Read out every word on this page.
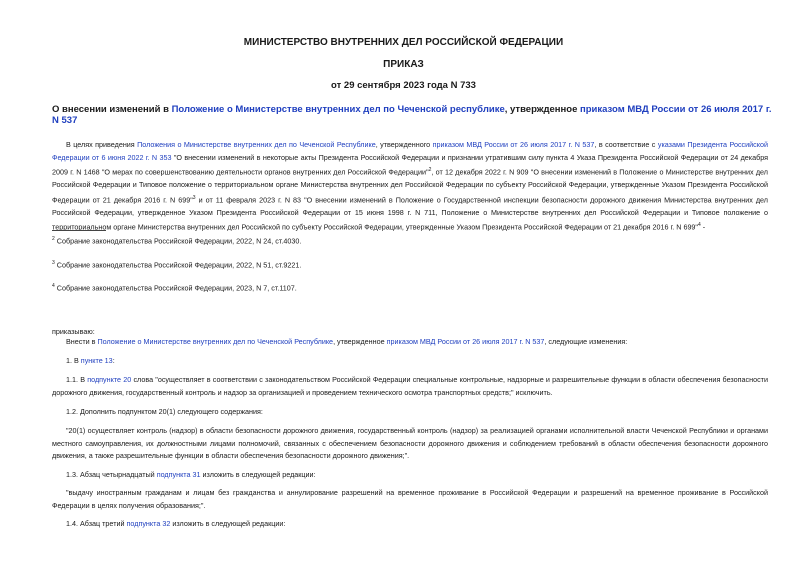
МИНИСТЕРСТВО ВНУТРЕННИХ ДЕЛ РОССИЙСКОЙ ФЕДЕРАЦИИ
ПРИКАЗ
от 29 сентября 2023 года N 733
О внесении изменений в Положение о Министерстве внутренних дел по Чеченской республике, утвержденное приказом МВД России от 26 июля 2017 г. N 537
В целях приведения Положения о Министерстве внутренних дел по Чеченской Республике, утвержденного приказом МВД России от 26 июля 2017 г. N 537, в соответствие с указами Президента Российской Федерации от 6 июня 2022 г. N 353 "О внесении изменений в некоторые акты Президента Российской Федерации и признании утратившим силу пункта 4 Указа Президента Российской Федерации от 24 декабря 2009 г. N 1468 "О мерах по совершенствованию деятельности органов внутренних дел Российской Федерации"$^2$, от 12 декабря 2022 г. N 909 "О внесении изменений в Положение о Министерстве внутренних дел Российской Федерации и Типовое положение о территориальном органе Министерства внутренних дел Российской Федерации по субъекту Российской Федерации, утвержденные Указом Президента Российской Федерации от 21 декабря 2016 г. N 699"$^3$ и от 11 февраля 2023 г. N 83 "О внесении изменений в Положение о Государственной инспекции безопасности дорожного движения Министерства внутренних дел Российской Федерации, утвержденное Указом Президента Российской Федерации от 15 июня 1998 г. N 711, Положение о Министерстве внутренних дел Российской Федерации и Типовое положение о территориальном органе Министерства внутренних дел Российской по субъекту Российской Федерации, утвержденные Указом Президента Российской Федерации от 21 декабря 2016 г. N 699"$^4$ -
$^2$ Собрание законодательства Российской Федерации, 2022, N 24, ст.4030.
$^3$ Собрание законодательства Российской Федерации, 2022, N 51, ст.9221.
$^4$ Собрание законодательства Российской Федерации, 2023, N 7, ст.1107.
приказываю:
Внести в Положение о Министерстве внутренних дел по Чеченской Республике, утвержденное приказом МВД России от 26 июля 2017 г. N 537, следующие изменения:
1. В пункте 13:
1.1. В подпункте 20 слова "осуществляет в соответствии с законодательством Российской Федерации специальные контрольные, надзорные и разрешительные функции в области обеспечения безопасности дорожного движения, государственный контроль и надзор за организацией и проведением технического осмотра транспортных средств;" исключить.
1.2. Дополнить подпунктом 20(1) следующего содержания:
"20(1) осуществляет контроль (надзор) в области безопасности дорожного движения, государственный контроль (надзор) за реализацией органами исполнительной власти Чеченской Республики и органами местного самоуправления, их должностными лицами полномочий, связанных с обеспечением безопасности дорожного движения и соблюдением требований в области обеспечения безопасности дорожного движения, а также разрешительные функции в области обеспечения безопасности дорожного движения;".
1.3. Абзац четырнадцатый подпункта 31 изложить в следующей редакции:
"выдачу иностранным гражданам и лицам без гражданства и аннулирование разрешений на временное проживание в Российской Федерации и разрешений на временное проживание в Российской Федерации в целях получения образования;".
1.4. Абзац третий подпункта 32 изложить в следующей редакции:
